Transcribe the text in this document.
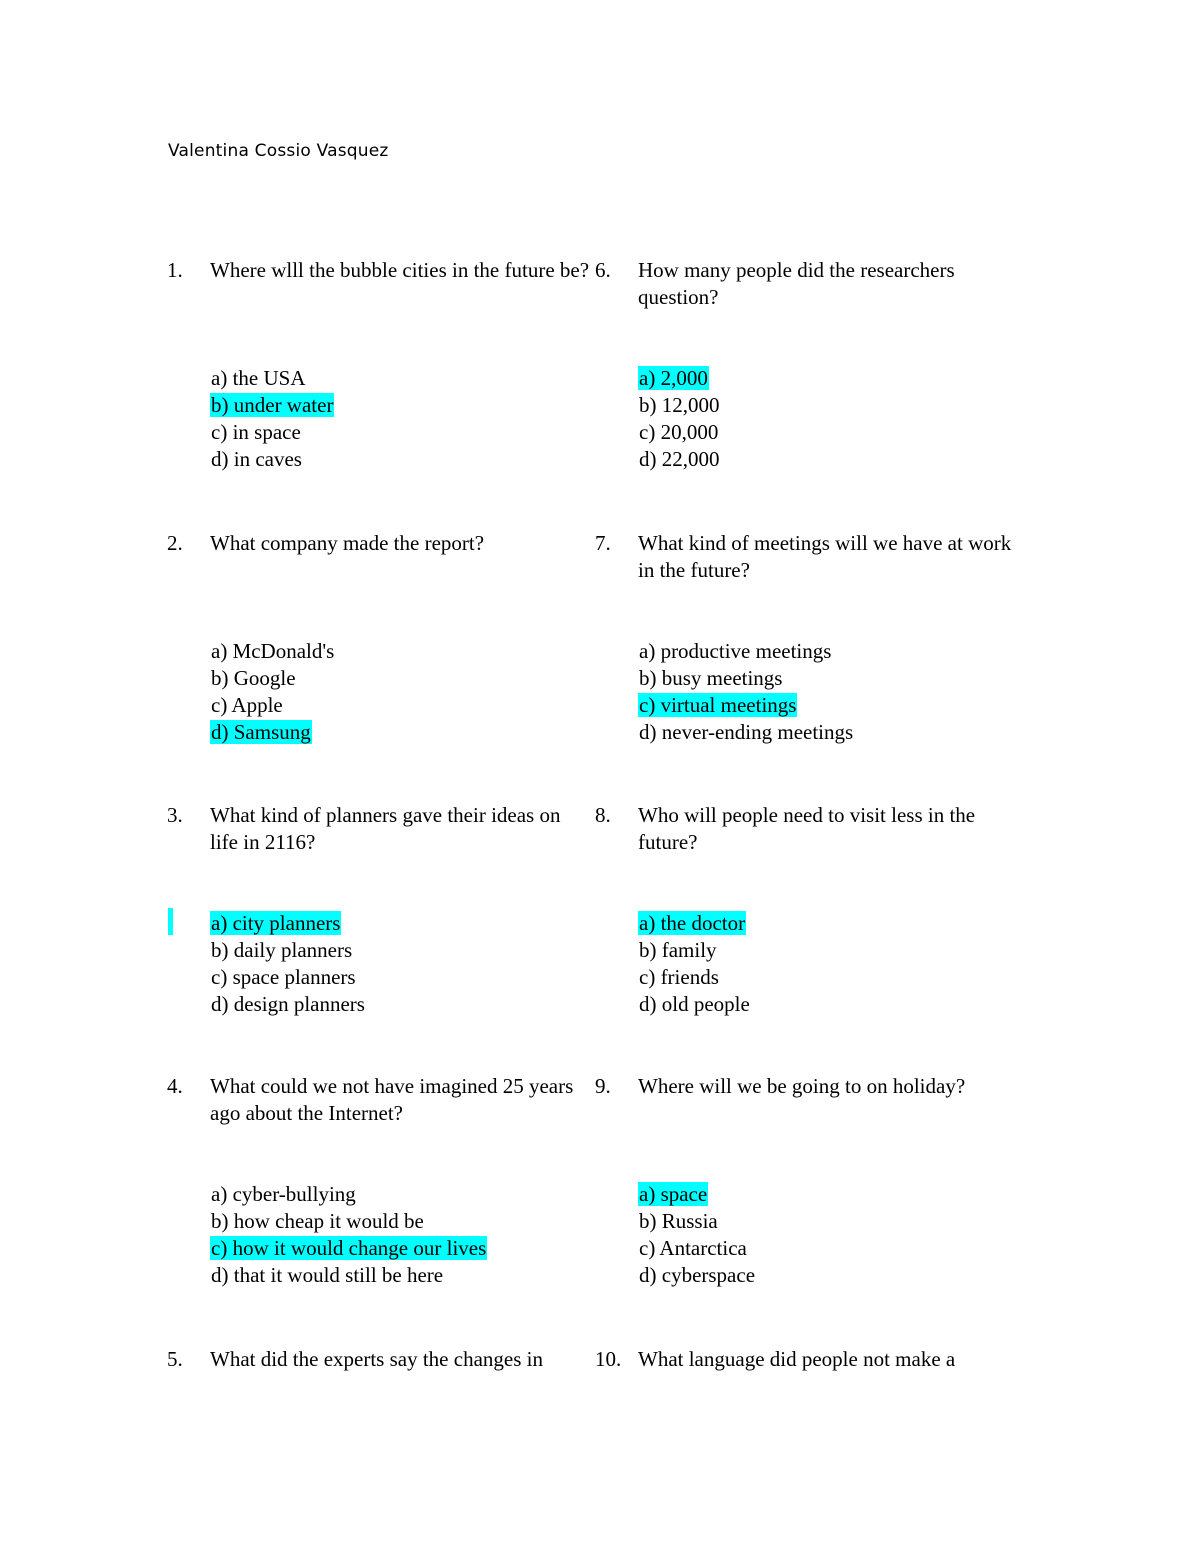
Valentina Cossio Vasquez
1. Where wlll the bubble cities in the future be?
a) the USA
b) under water
c) in space
d) in caves
2. What company made the report?
a) McDonald's
b) Google
c) Apple
d) Samsung
3. What kind of planners gave their ideas on life in 2116?
a) city planners
b) daily planners
c) space planners
d) design planners
4. What could we not have imagined 25 years ago about the Internet?
a) cyber-bullying
b) how cheap it would be
c) how it would change our lives
d) that it would still be here
5. What did the experts say the changes in
6. How many people did the researchers question?
a) 2,000
b) 12,000
c) 20,000
d) 22,000
7. What kind of meetings will we have at work in the future?
a) productive meetings
b) busy meetings
c) virtual meetings
d) never-ending meetings
8. Who will people need to visit less in the future?
a) the doctor
b) family
c) friends
d) old people
9. Where will we be going to on holiday?
a) space
b) Russia
c) Antarctica
d) cyberspace
10. What language did people not make a
